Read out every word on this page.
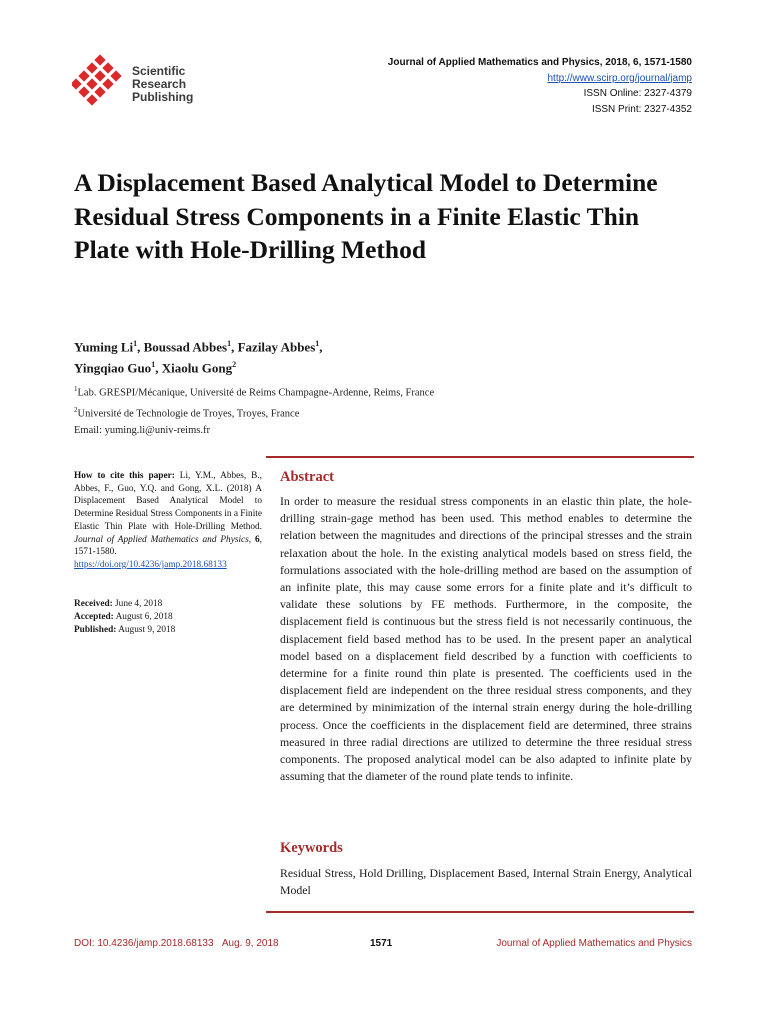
Scientific
Research
Publishing
Journal of Applied Mathematics and Physics, 2018, 6, 1571-1580
http://www.scirp.org/journal/jamp
ISSN Online: 2327-4379
ISSN Print: 2327-4352
A Displacement Based Analytical Model to Determine Residual Stress Components in a Finite Elastic Thin Plate with Hole-Drilling Method
Yuming Li$^1$, Boussad Abbes$^1$, Fazilay Abbes$^1$,
Yingqiao Guo$^1$, Xiaolu Gong$^2$
$^1$Lab. GRESPI/Mécanique, Université de Reims Champagne-Ardenne, Reims, France
$^2$Université de Technologie de Troyes, Troyes, France
Email: yuming.li@univ-reims.fr
How to cite this paper: Li, Y.M., Abbes, B., Abbes, F., Guo, Y.Q. and Gong, X.L. (2018) A Displacement Based Analytical Model to Determine Residual Stress Components in a Finite Elastic Thin Plate with Hole-Drilling Method. Journal of Applied Mathematics and Physics, 6, 1571-1580.
https://doi.org/10.4236/jamp.2018.68133
Received: June 4, 2018
Accepted: August 6, 2018
Published: August 9, 2018
Abstract

In order to measure the residual stress components in an elastic thin plate, the hole-drilling strain-gage method has been used. This method enables to determine the relation between the magnitudes and directions of the principal stresses and the strain relaxation about the hole. In the existing analytical models based on stress field, the formulations associated with the hole-drilling method are based on the assumption of an infinite plate, this may cause some errors for a finite plate and it’s difficult to validate these solutions by FE methods. Furthermore, in the composite, the displacement field is continuous but the stress field is not necessarily continuous, the displacement field based method has to be used. In the present paper an analytical model based on a displacement field described by a function with coefficients to determine for a finite round thin plate is presented. The coefficients used in the displacement field are independent on the three residual stress components, and they are determined by minimization of the internal strain energy during the hole-drilling process. Once the coefficients in the displacement field are determined, three strains measured in three radial directions are utilized to determine the three residual stress components. The proposed analytical model can be also adapted to infinite plate by assuming that the diameter of the round plate tends to infinite.

Keywords

Residual Stress, Hold Drilling, Displacement Based, Internal Strain Energy, Analytical Model

DOI: 10.4236/jamp.2018.68133 Aug. 9, 2018	1571	Journal of Applied Mathematics and Physics
